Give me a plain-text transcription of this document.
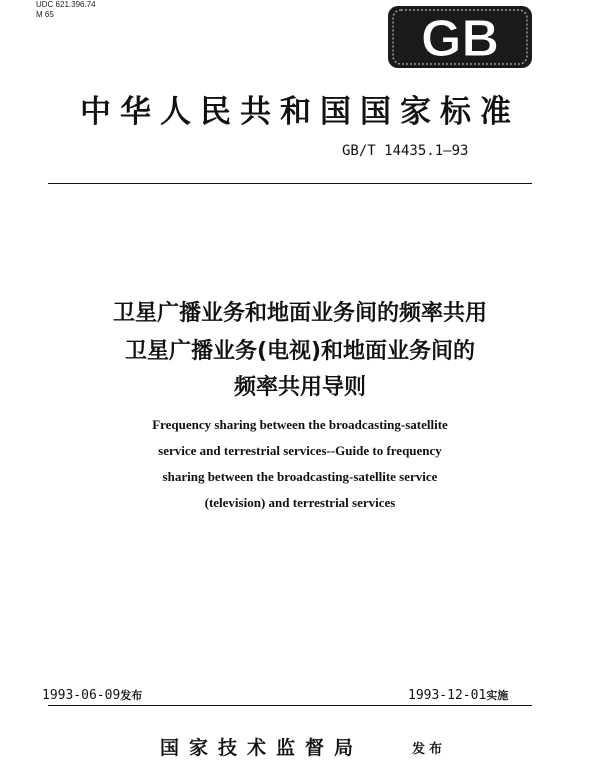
UDC 621.396.74
M 65	GB
中华人民共和国国家标准
GB/T 14435.1—93
卫星广播业务和地面业务间的频率共用
卫星广播业务(电视)和地面业务间的
频率共用导则
Frequency sharing between the broadcasting-satellite
service and terrestrial services--Guide to frequency
sharing between the broadcasting-satellite service
(television) and terrestrial services
1993-06-09发布	1993-12-01实施
国家技术监督局	发布
